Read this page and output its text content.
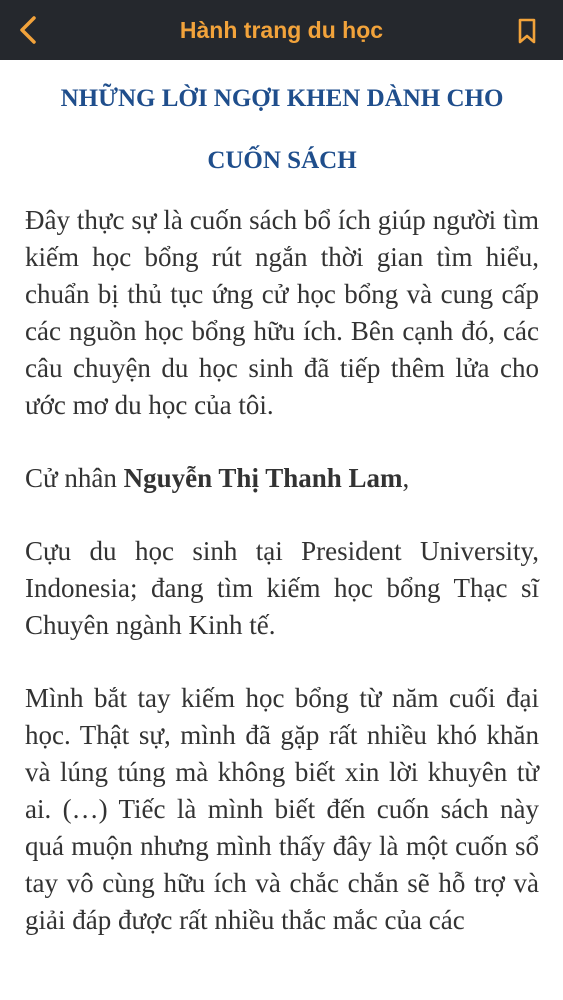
Hành trang du học
NHỮNG LỜI NGỢI KHEN DÀNH CHO CUỐN SÁCH

Đây thực sự là cuốn sách bổ ích giúp người tìm kiếm học bổng rút ngắn thời gian tìm hiểu, chuẩn bị thủ tục ứng cử học bổng và cung cấp các nguồn học bổng hữu ích. Bên cạnh đó, các câu chuyện du học sinh đã tiếp thêm lửa cho ước mơ du học của tôi.

Cử nhân Nguyễn Thị Thanh Lam,

Cựu du học sinh tại President University, Indonesia; đang tìm kiếm học bổng Thạc sĩ Chuyên ngành Kinh tế.

Mình bắt tay kiếm học bổng từ năm cuối đại học. Thật sự, mình đã gặp rất nhiều khó khăn và lúng túng mà không biết xin lời khuyên từ ai. (…) Tiếc là mình biết đến cuốn sách này quá muộn nhưng mình thấy đây là một cuốn sổ tay vô cùng hữu ích và chắc chắn sẽ hỗ trợ và giải đáp được rất nhiều thắc mắc của các
